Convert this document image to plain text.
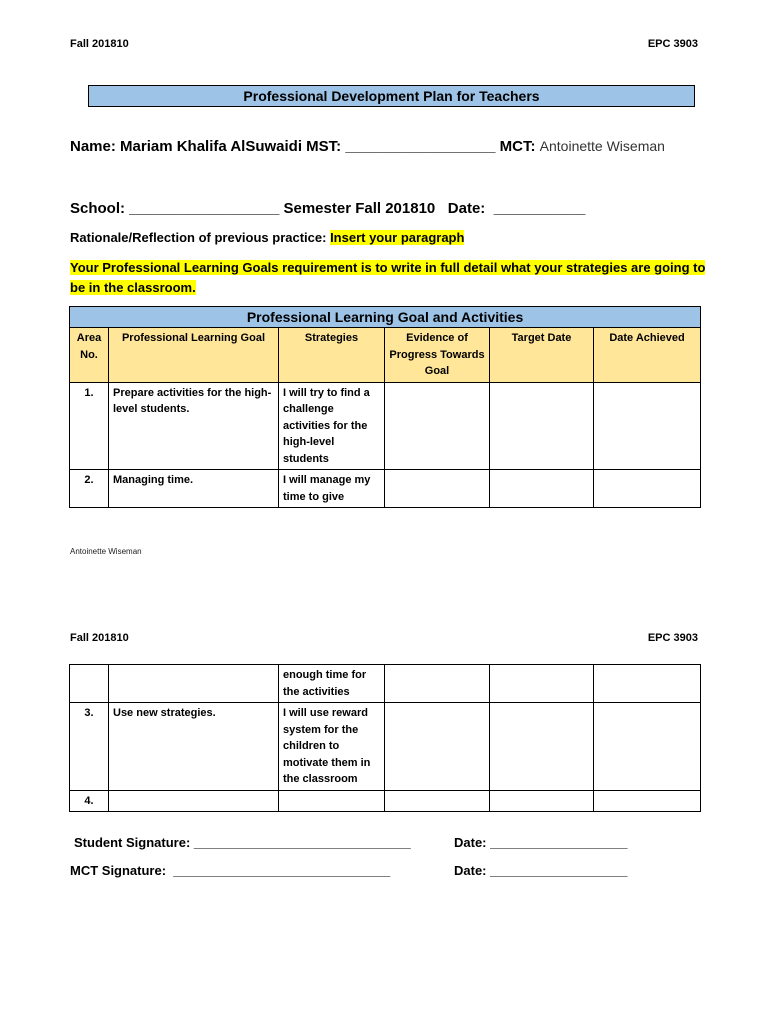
Fall 201810	EPC 3903
Professional Development Plan for Teachers
Name: Mariam Khalifa AlSuwaidi MST: __________________ MCT: Antoinette Wiseman
School: __________________ Semester Fall 201810   Date:  ___________
Rationale/Reflection of previous practice: Insert your paragraph
Your Professional Learning Goals requirement is to write in full detail what your strategies are going to be in the classroom.
Professional Learning Goal and Activities					
Area No.	Professional Learning Goal	Strategies	Evidence of Progress Towards Goal	Target Date	Date Achieved
1.	Prepare activities for the high-level students.	I will try to find a challenge activities for the high-level students			
2.	Managing time.	I will manage my time to give			
Antoinette Wiseman
Fall 201810	EPC 3903
		enough time for the activities			
3.	Use new strategies.	I will use reward system for the children to motivate them in the classroom			
4.					
Student Signature: ______________________________	Date: ___________________
MCT Signature:  ______________________________	Date: ___________________
